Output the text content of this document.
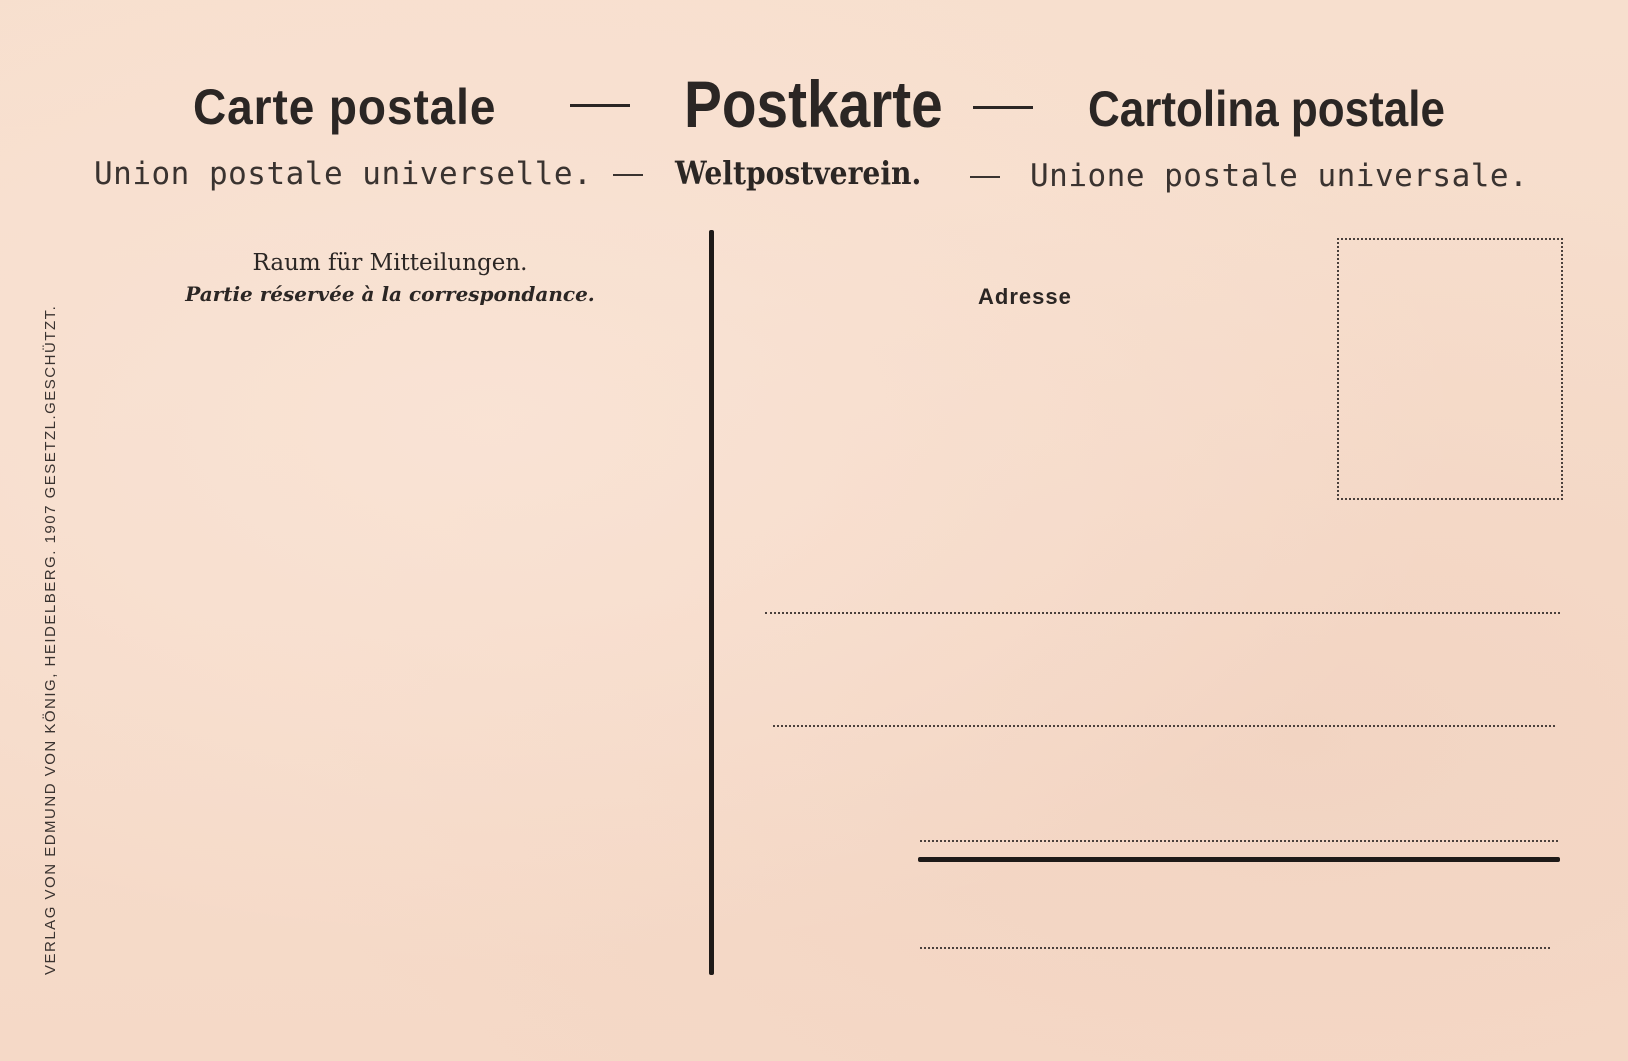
Carte postale	Postkarte	Cartolina postale
Union postale universelle.	Weltpostverein.	Unione postale universale.
VERLAG VON EDMUND VON KÖNIG, HEIDELBERG. 1907 GESETZL.GESCHÜTZT.
Raum für Mitteilungen.
Partie réservée à la correspondance.	Adresse
